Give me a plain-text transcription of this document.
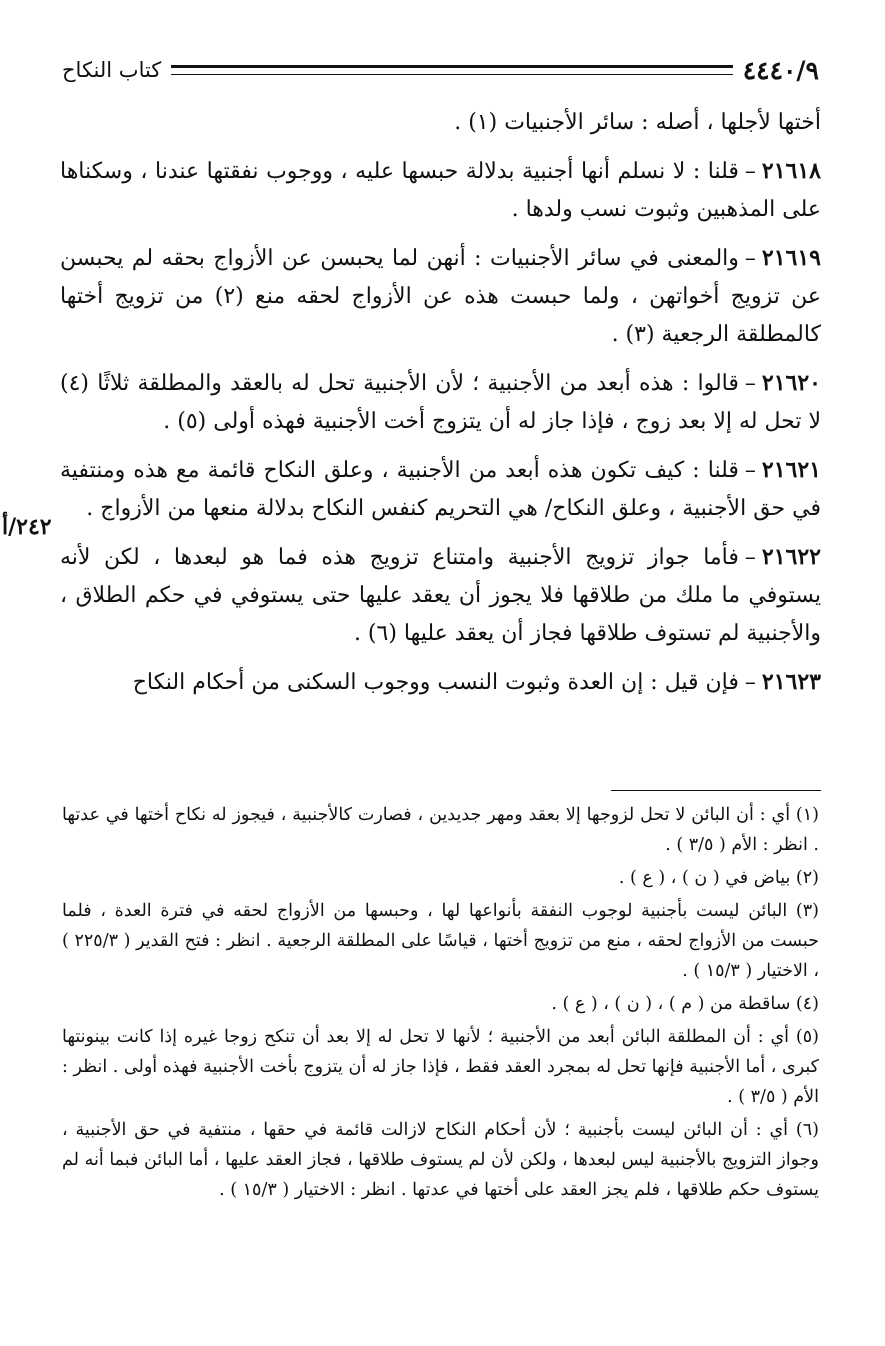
٤٤٤٠/٩
كتاب النكاح

أختها لأجلها ، أصله : سائر الأجنبيات (١) .

٢١٦١٨–قلنا : لا نسلم أنها أجنبية بدلالة حبسها عليه ، ووجوب نفقتها عندنا ، وسكناها على المذهبين وثبوت نسب ولدها .

٢١٦١٩–والمعنى في سائر الأجنبيات : أنهن لما يحبسن عن الأزواج بحقه لم يحبسن عن تزويج أخواتهن ، ولما حبست هذه عن الأزواج لحقه منع (٢) من تزويج أختها كالمطلقة الرجعية (٣) .

٢١٦٢٠–قالوا : هذه أبعد من الأجنبية ؛ لأن الأجنبية تحل له بالعقد والمطلقة ثلاثًا (٤) لا تحل له إلا بعد زوج ، فإذا جاز له أن يتزوج أخت الأجنبية فهذه أولى (٥) .

٢١٦٢١–قلنا : كيف تكون هذه أبعد من الأجنبية ، وعلق النكاح قائمة مع هذه ومنتفية في حق الأجنبية ، وعلق النكاح/ هي التحريم كنفس النكاح بدلالة منعها من الأزواج .

٢١٦٢٢–فأما جواز تزويج الأجنبية وامتناع تزويج هذه فما هو لبعدها ، لكن لأنه يستوفي ما ملك من طلاقها فلا يجوز أن يعقد عليها حتى يستوفي في حكم الطلاق ، والأجنبية لم تستوف طلاقها فجاز أن يعقد عليها (٦) .

٢١٦٢٣–فإن قيل : إن العدة وثبوت النسب ووجوب السكنى من أحكام النكاح

٢٤٢/أ

(١) أي : أن البائن لا تحل لزوجها إلا بعقد ومهر جديدين ، فصارت كالأجنبية ، فيجوز له نكاح أختها في عدتها . انظر : الأم ( ٣/٥ ) .

(٢) بياض في ( ن ) ، ( ع ) .

(٣) البائن ليست بأجنبية لوجوب النفقة بأنواعها لها ، وحبسها من الأزواج لحقه في فترة العدة ، فلما حبست من الأزواج لحقه ، منع من تزويج أختها ، قياسًا على المطلقة الرجعية . انظر : فتح القدير ( ٢٢٥/٣ ) ، الاختيار ( ١٥/٣ ) .

(٤) ساقطة من ( م ) ، ( ن ) ، ( ع ) .

(٥) أي : أن المطلقة البائن أبعد من الأجنبية ؛ لأنها لا تحل له إلا بعد أن تنكح زوجا غيره إذا كانت بينونتها كبرى ، أما الأجنبية فإنها تحل له بمجرد العقد فقط ، فإذا جاز له أن يتزوج بأخت الأجنبية فهذه أولى . انظر : الأم ( ٣/٥ ) .

(٦) أي : أن البائن ليست بأجنبية ؛ لأن أحكام النكاح لازالت قائمة في حقها ، منتفية في حق الأجنبية ، وجواز التزويج بالأجنبية ليس لبعدها ، ولكن لأن لم يستوف طلاقها ، فجاز العقد عليها ، أما البائن فبما أنه لم يستوف حكم طلاقها ، فلم يجز العقد على أختها في عدتها . انظر : الاختيار ( ١٥/٣ ) .
